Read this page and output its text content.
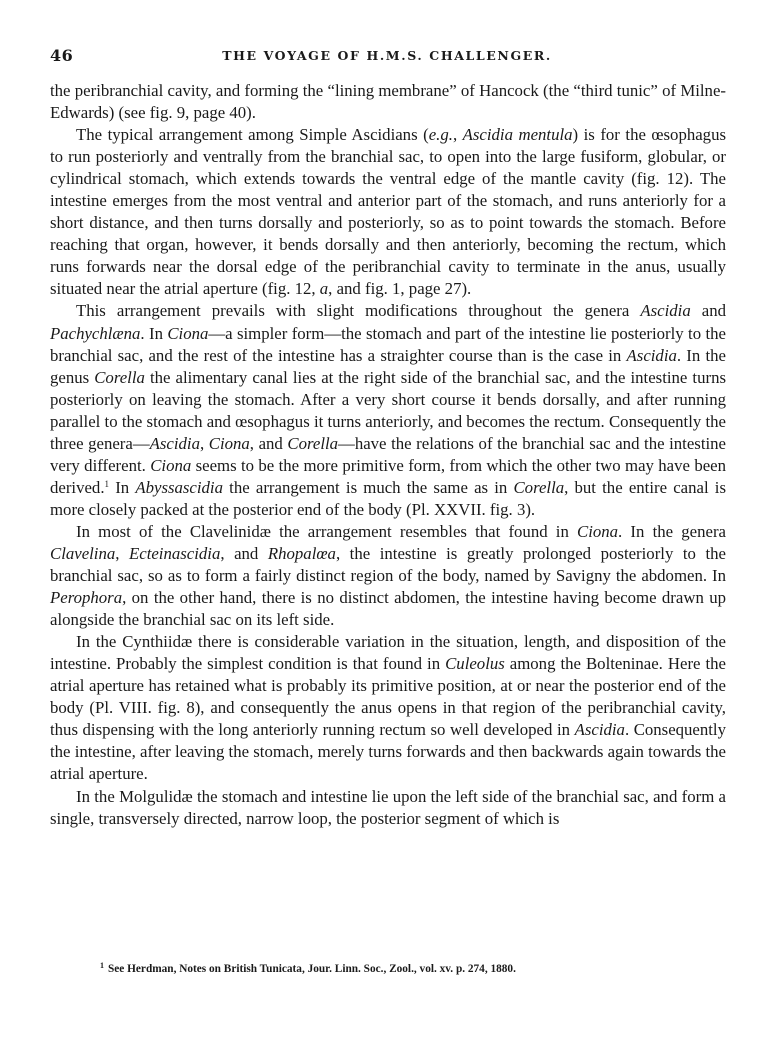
46	THE VOYAGE OF H.M.S. CHALLENGER.

the peribranchial cavity, and forming the “lining membrane” of Hancock (the “third tunic” of Milne-Edwards) (see fig. 9, page 40).

The typical arrangement among Simple Ascidians (e.g., Ascidia mentula) is for the œsophagus to run posteriorly and ventrally from the branchial sac, to open into the large fusiform, globular, or cylindrical stomach, which extends towards the ventral edge of the mantle cavity (fig. 12). The intestine emerges from the most ventral and anterior part of the stomach, and runs anteriorly for a short distance, and then turns dorsally and posteriorly, so as to point towards the stomach. Before reaching that organ, however, it bends dorsally and then anteriorly, becoming the rectum, which runs forwards near the dorsal edge of the peribranchial cavity to terminate in the anus, usually situated near the atrial aperture (fig. 12, a, and fig. 1, page 27).

This arrangement prevails with slight modifications throughout the genera Ascidia and Pachychlæna. In Ciona—a simpler form—the stomach and part of the intestine lie posteriorly to the branchial sac, and the rest of the intestine has a straighter course than is the case in Ascidia. In the genus Corella the alimentary canal lies at the right side of the branchial sac, and the intestine turns posteriorly on leaving the stomach. After a very short course it bends dorsally, and after running parallel to the stomach and œsophagus it turns anteriorly, and becomes the rectum. Consequently the three genera—Ascidia, Ciona, and Corella—have the relations of the branchial sac and the intestine very different. Ciona seems to be the more primitive form, from which the other two may have been derived.$^1$ In Abyssascidia the arrangement is much the same as in Corella, but the entire canal is more closely packed at the posterior end of the body (Pl. XXVII. fig. 3).

In most of the Clavelinidæ the arrangement resembles that found in Ciona. In the genera Clavelina, Ecteinascidia, and Rhopalœa, the intestine is greatly prolonged posteriorly to the branchial sac, so as to form a fairly distinct region of the body, named by Savigny the abdomen. In Perophora, on the other hand, there is no distinct abdomen, the intestine having become drawn up alongside the branchial sac on its left side.

In the Cynthiidæ there is considerable variation in the situation, length, and disposition of the intestine. Probably the simplest condition is that found in Culeolus among the Bolteninae. Here the atrial aperture has retained what is probably its primitive position, at or near the posterior end of the body (Pl. VIII. fig. 8), and consequently the anus opens in that region of the peribranchial cavity, thus dispensing with the long anteriorly running rectum so well developed in Ascidia. Consequently the intestine, after leaving the stomach, merely turns forwards and then backwards again towards the atrial aperture.

In the Molgulidæ the stomach and intestine lie upon the left side of the branchial sac, and form a single, transversely directed, narrow loop, the posterior segment of which is

$^1$ See Herdman, Notes on British Tunicata, Jour. Linn. Soc., Zool., vol. xv. p. 274, 1880.
